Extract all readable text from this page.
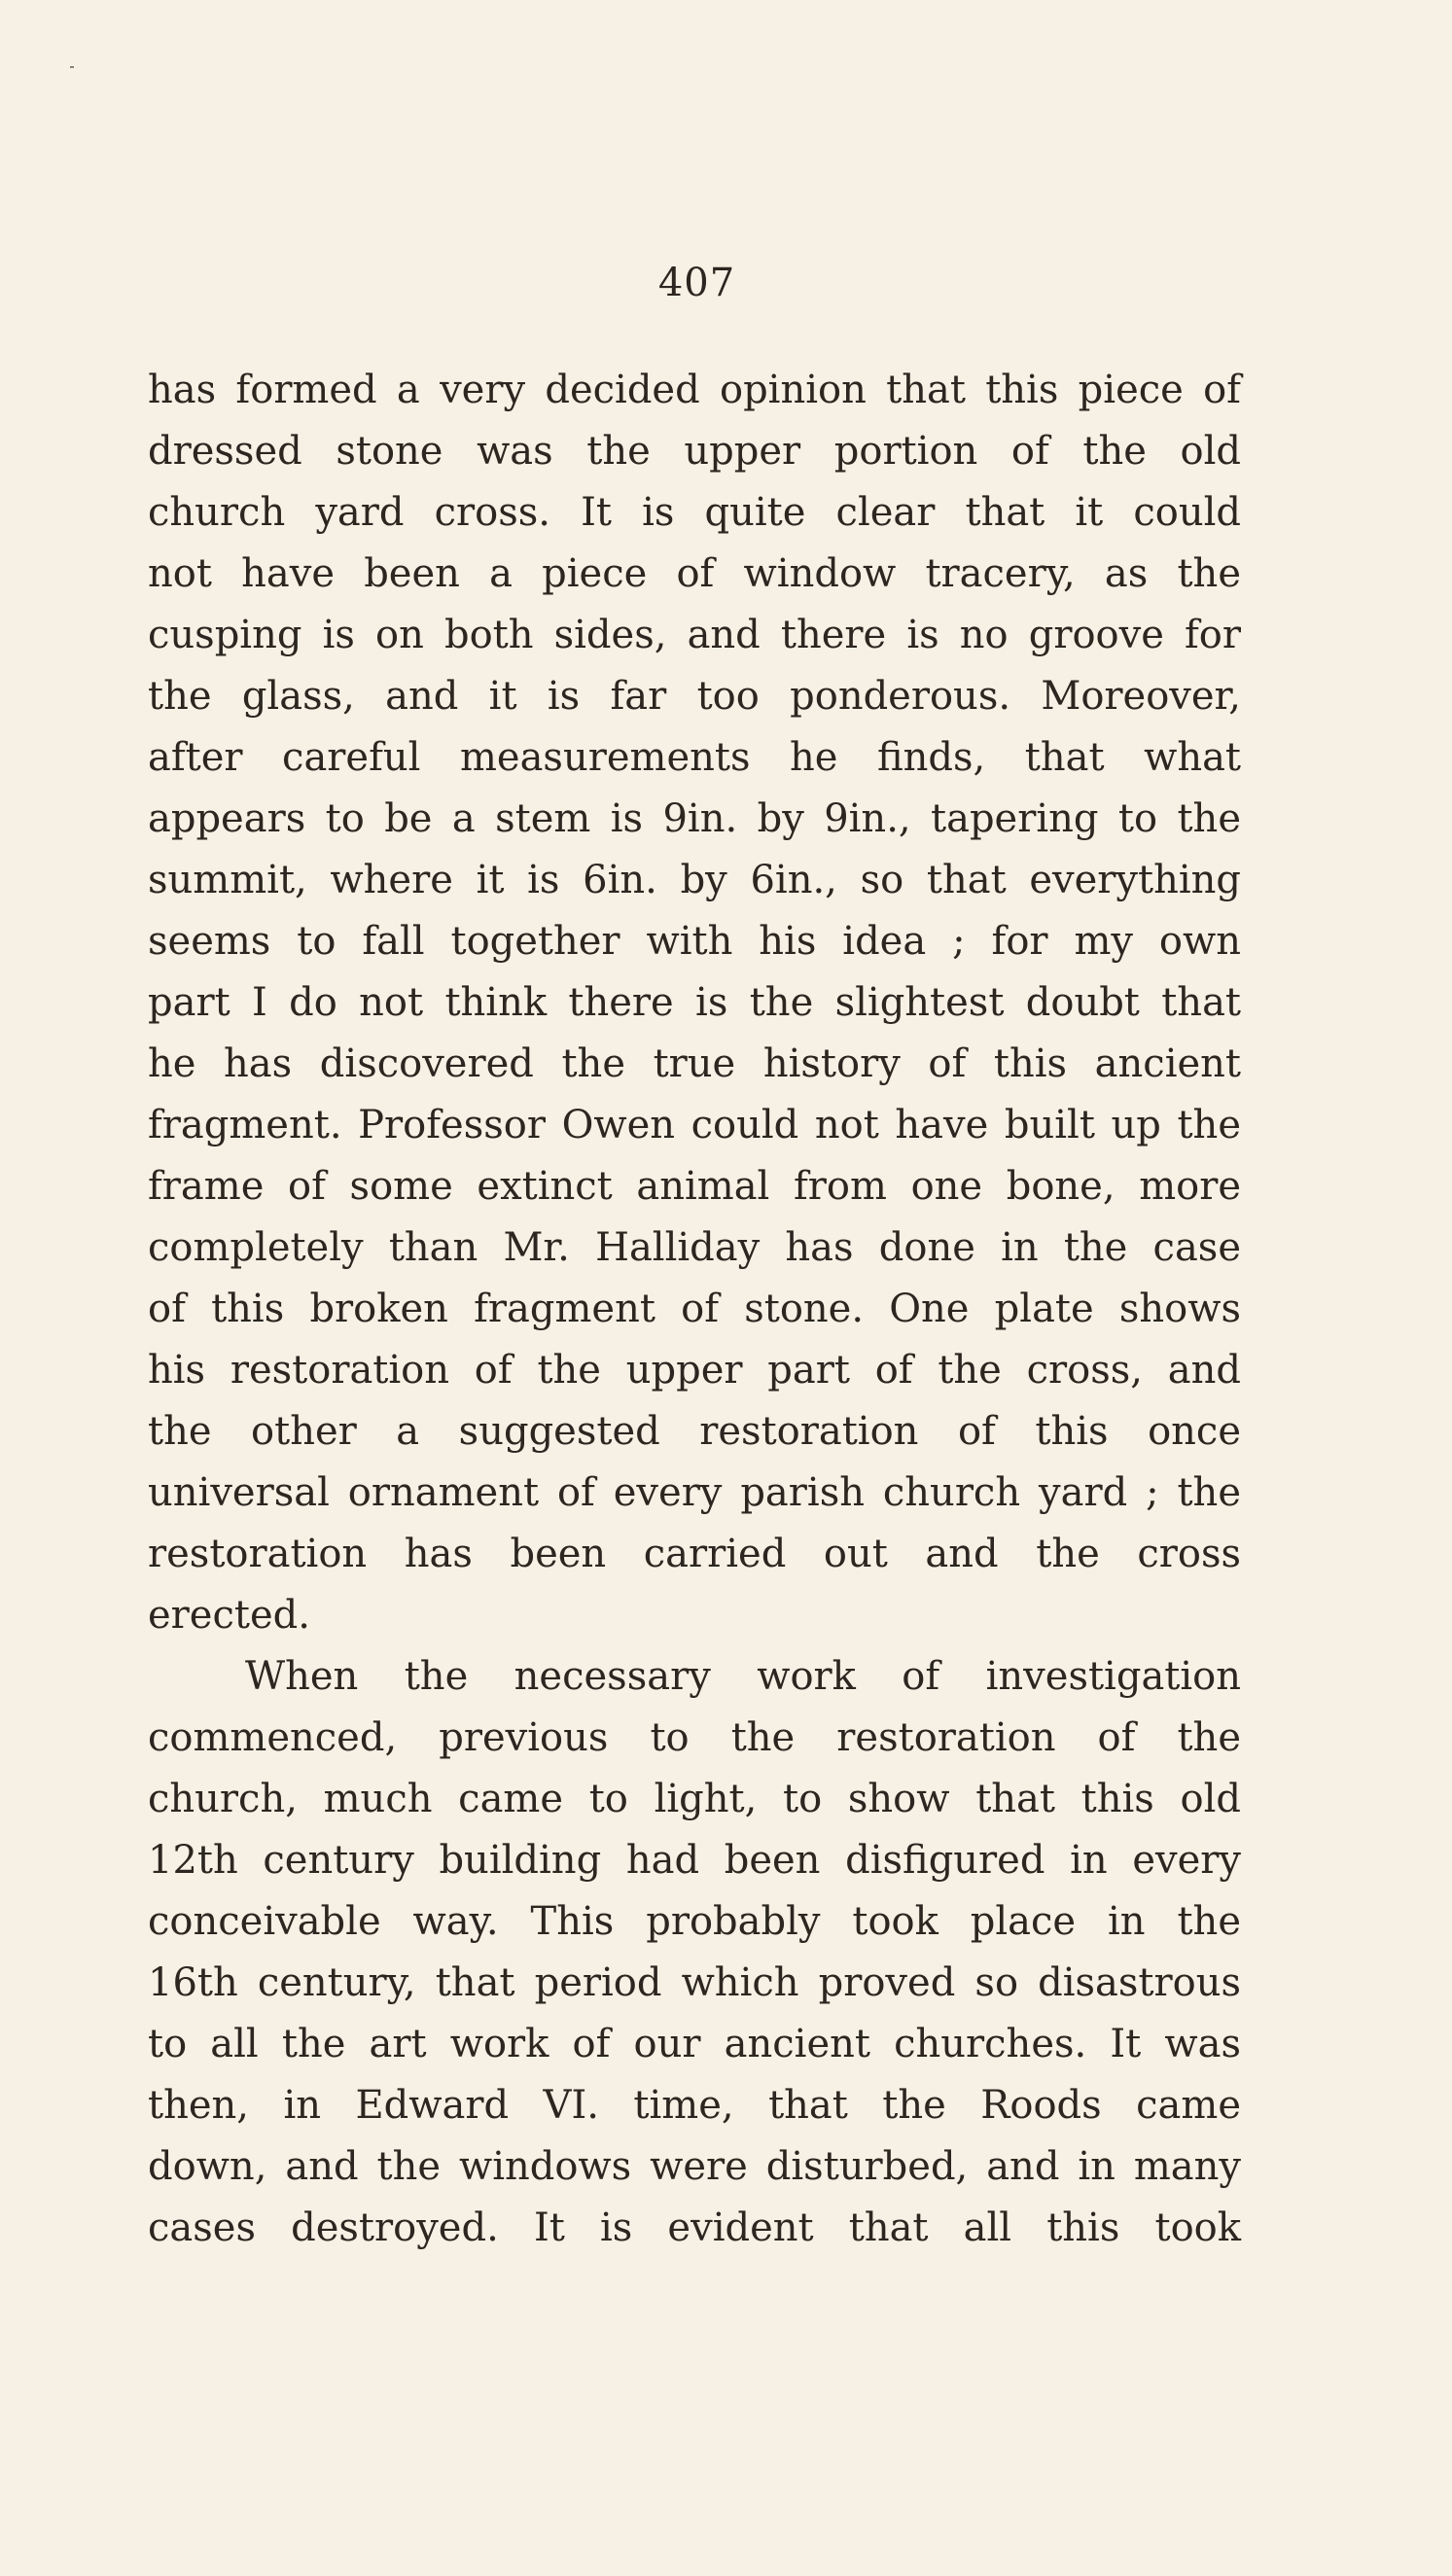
407
has formed a very decided opinion that this piece of
dressed stone was the upper portion of the old
church yard cross. It is quite clear that it could
not have been a piece of window tracery, as the
cusping is on both sides, and there is no groove for
the glass, and it is far too ponderous. Moreover,
after careful measurements he finds, that what
appears to be a stem is 9in. by 9in., tapering to the
summit, where it is 6in. by 6in., so that everything
seems to fall together with his idea ; for my own
part I do not think there is the slightest doubt that
he has discovered the true history of this ancient
fragment. Professor Owen could not have built up the
frame of some extinct animal from one bone, more
completely than Mr. Halliday has done in the case
of this broken fragment of stone. One plate shows
his restoration of the upper part of the cross, and
the other a suggested restoration of this once
universal ornament of every parish church yard ; the
restoration has been carried out and the cross
erected.
When the necessary work of investigation
commenced, previous to the restoration of the
church, much came to light, to show that this old
12th century building had been disfigured in every
conceivable way. This probably took place in the
16th century, that period which proved so disastrous
to all the art work of our ancient churches. It was
then, in Edward VI. time, that the Roods came
down, and the windows were disturbed, and in many
cases destroyed. It is evident that all this took
